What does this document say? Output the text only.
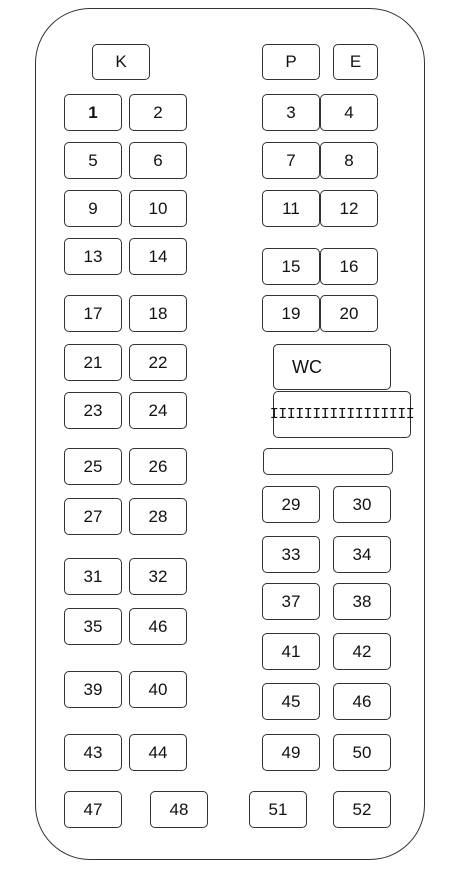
K	P	E
1	2	3	4
5	6	7	8
9	10	11 12
13	14
15 16
17	18	19 20
21	22
23	24
25	26
27	28
29	30
31	32
33	34
35	46
37	38
39	40
41	42
45	46
43	44	49	50
47	48	51	52
WC
IIIIIIIIIIIIIIIII
